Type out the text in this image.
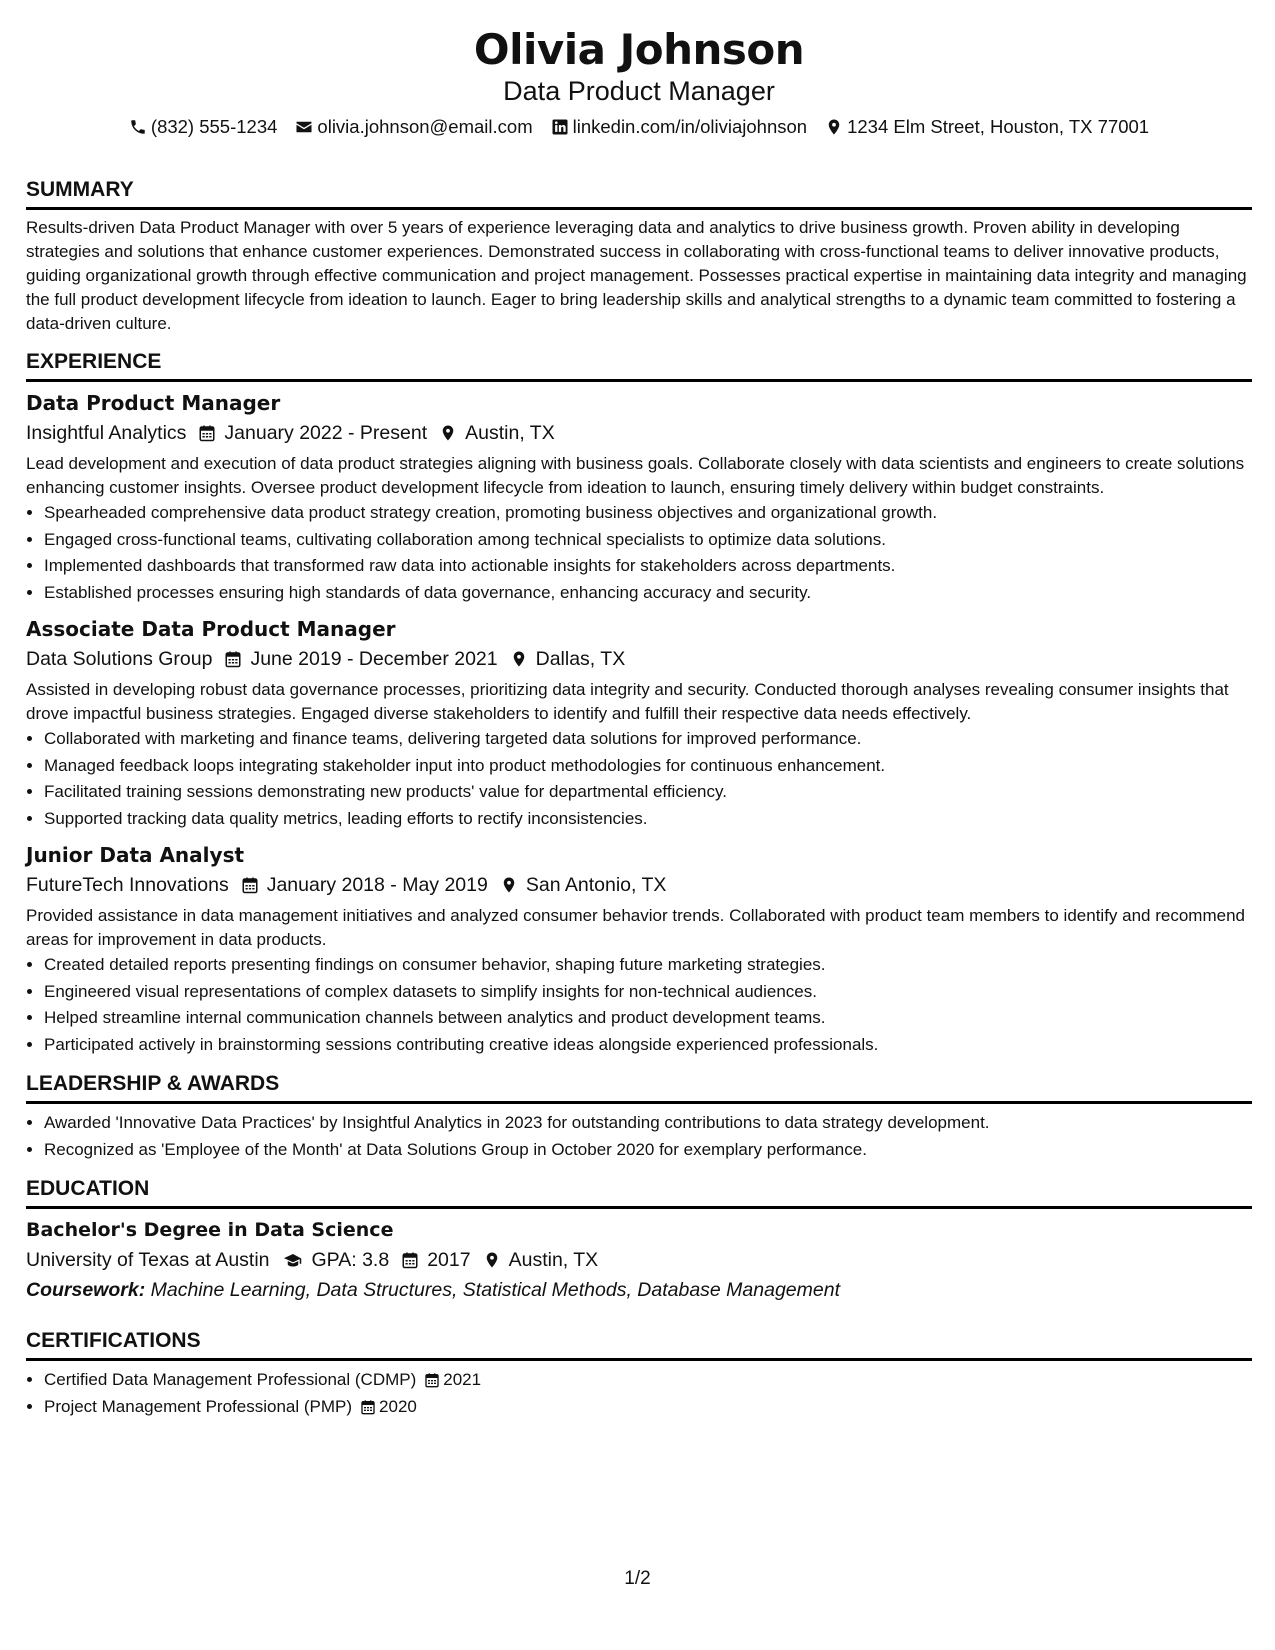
Olivia Johnson
Data Product Manager
(832) 555-1234 olivia.johnson@email.com linkedin.com/in/oliviajohnson 1234 Elm Street, Houston, TX 77001
SUMMARY
Results-driven Data Product Manager with over 5 years of experience leveraging data and analytics to drive business growth. Proven ability in developing strategies and solutions that enhance customer experiences. Demonstrated success in collaborating with cross-functional teams to deliver innovative products, guiding organizational growth through effective communication and project management. Possesses practical expertise in maintaining data integrity and managing the full product development lifecycle from ideation to launch. Eager to bring leadership skills and analytical strengths to a dynamic team committed to fostering a data-driven culture.
EXPERIENCE
Data Product Manager
Insightful Analytics January 2022 - Present Austin, TX
Lead development and execution of data product strategies aligning with business goals. Collaborate closely with data scientists and engineers to create solutions enhancing customer insights. Oversee product development lifecycle from ideation to launch, ensuring timely delivery within budget constraints.
• Spearheaded comprehensive data product strategy creation, promoting business objectives and organizational growth.
• Engaged cross-functional teams, cultivating collaboration among technical specialists to optimize data solutions.
• Implemented dashboards that transformed raw data into actionable insights for stakeholders across departments.
• Established processes ensuring high standards of data governance, enhancing accuracy and security.
Associate Data Product Manager
Data Solutions Group June 2019 - December 2021 Dallas, TX
Assisted in developing robust data governance processes, prioritizing data integrity and security. Conducted thorough analyses revealing consumer insights that drove impactful business strategies. Engaged diverse stakeholders to identify and fulfill their respective data needs effectively.
• Collaborated with marketing and finance teams, delivering targeted data solutions for improved performance.
• Managed feedback loops integrating stakeholder input into product methodologies for continuous enhancement.
• Facilitated training sessions demonstrating new products' value for departmental efficiency.
• Supported tracking data quality metrics, leading efforts to rectify inconsistencies.
Junior Data Analyst
FutureTech Innovations January 2018 - May 2019 San Antonio, TX
Provided assistance in data management initiatives and analyzed consumer behavior trends. Collaborated with product team members to identify and recommend areas for improvement in data products.
• Created detailed reports presenting findings on consumer behavior, shaping future marketing strategies.
• Engineered visual representations of complex datasets to simplify insights for non-technical audiences.
• Helped streamline internal communication channels between analytics and product development teams.
• Participated actively in brainstorming sessions contributing creative ideas alongside experienced professionals.
LEADERSHIP & AWARDS
• Awarded 'Innovative Data Practices' by Insightful Analytics in 2023 for outstanding contributions to data strategy development.
• Recognized as 'Employee of the Month' at Data Solutions Group in October 2020 for exemplary performance.
EDUCATION
Bachelor's Degree in Data Science
University of Texas at Austin GPA: 3.8 2017 Austin, TX
Coursework: Machine Learning, Data Structures, Statistical Methods, Database Management
CERTIFICATIONS
• Certified Data Management Professional (CDMP) 2021
• Project Management Professional (PMP) 2020
1/2
